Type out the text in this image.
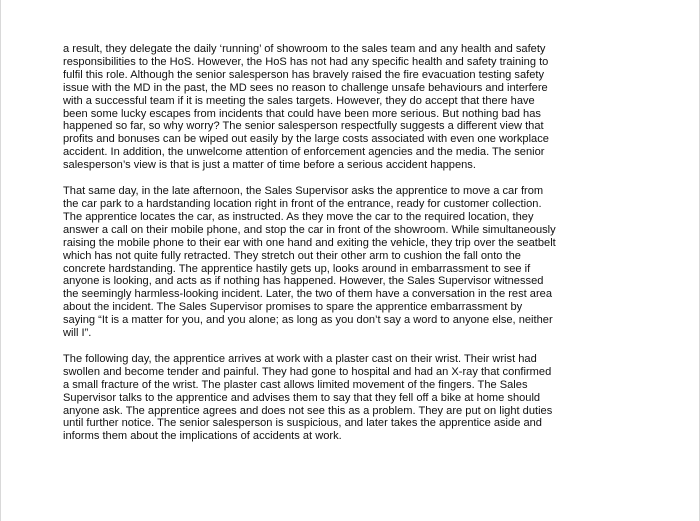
a result, they delegate the daily ‘running’ of showroom to the sales team and any health and safety
responsibilities to the HoS. However, the HoS has not had any specific health and safety training to
fulfil this role. Although the senior salesperson has bravely raised the fire evacuation testing safety
issue with the MD in the past, the MD sees no reason to challenge unsafe behaviours and interfere
with a successful team if it is meeting the sales targets. However, they do accept that there have
been some lucky escapes from incidents that could have been more serious. But nothing bad has
happened so far, so why worry? The senior salesperson respectfully suggests a different view that
profits and bonuses can be wiped out easily by the large costs associated with even one workplace
accident. In addition, the unwelcome attention of enforcement agencies and the media. The senior
salesperson’s view is that is just a matter of time before a serious accident happens.

That same day, in the late afternoon, the Sales Supervisor asks the apprentice to move a car from
the car park to a hardstanding location right in front of the entrance, ready for customer collection.
The apprentice locates the car, as instructed. As they move the car to the required location, they
answer a call on their mobile phone, and stop the car in front of the showroom. While simultaneously
raising the mobile phone to their ear with one hand and exiting the vehicle, they trip over the seatbelt
which has not quite fully retracted. They stretch out their other arm to cushion the fall onto the
concrete hardstanding. The apprentice hastily gets up, looks around in embarrassment to see if
anyone is looking, and acts as if nothing has happened. However, the Sales Supervisor witnessed
the seemingly harmless-looking incident. Later, the two of them have a conversation in the rest area
about the incident. The Sales Supervisor promises to spare the apprentice embarrassment by
saying “It is a matter for you, and you alone; as long as you don’t say a word to anyone else, neither
will I”.

The following day, the apprentice arrives at work with a plaster cast on their wrist. Their wrist had
swollen and become tender and painful. They had gone to hospital and had an X-ray that confirmed
a small fracture of the wrist. The plaster cast allows limited movement of the fingers. The Sales
Supervisor talks to the apprentice and advises them to say that they fell off a bike at home should
anyone ask. The apprentice agrees and does not see this as a problem. They are put on light duties
until further notice. The senior salesperson is suspicious, and later takes the apprentice aside and
informs them about the implications of accidents at work.
